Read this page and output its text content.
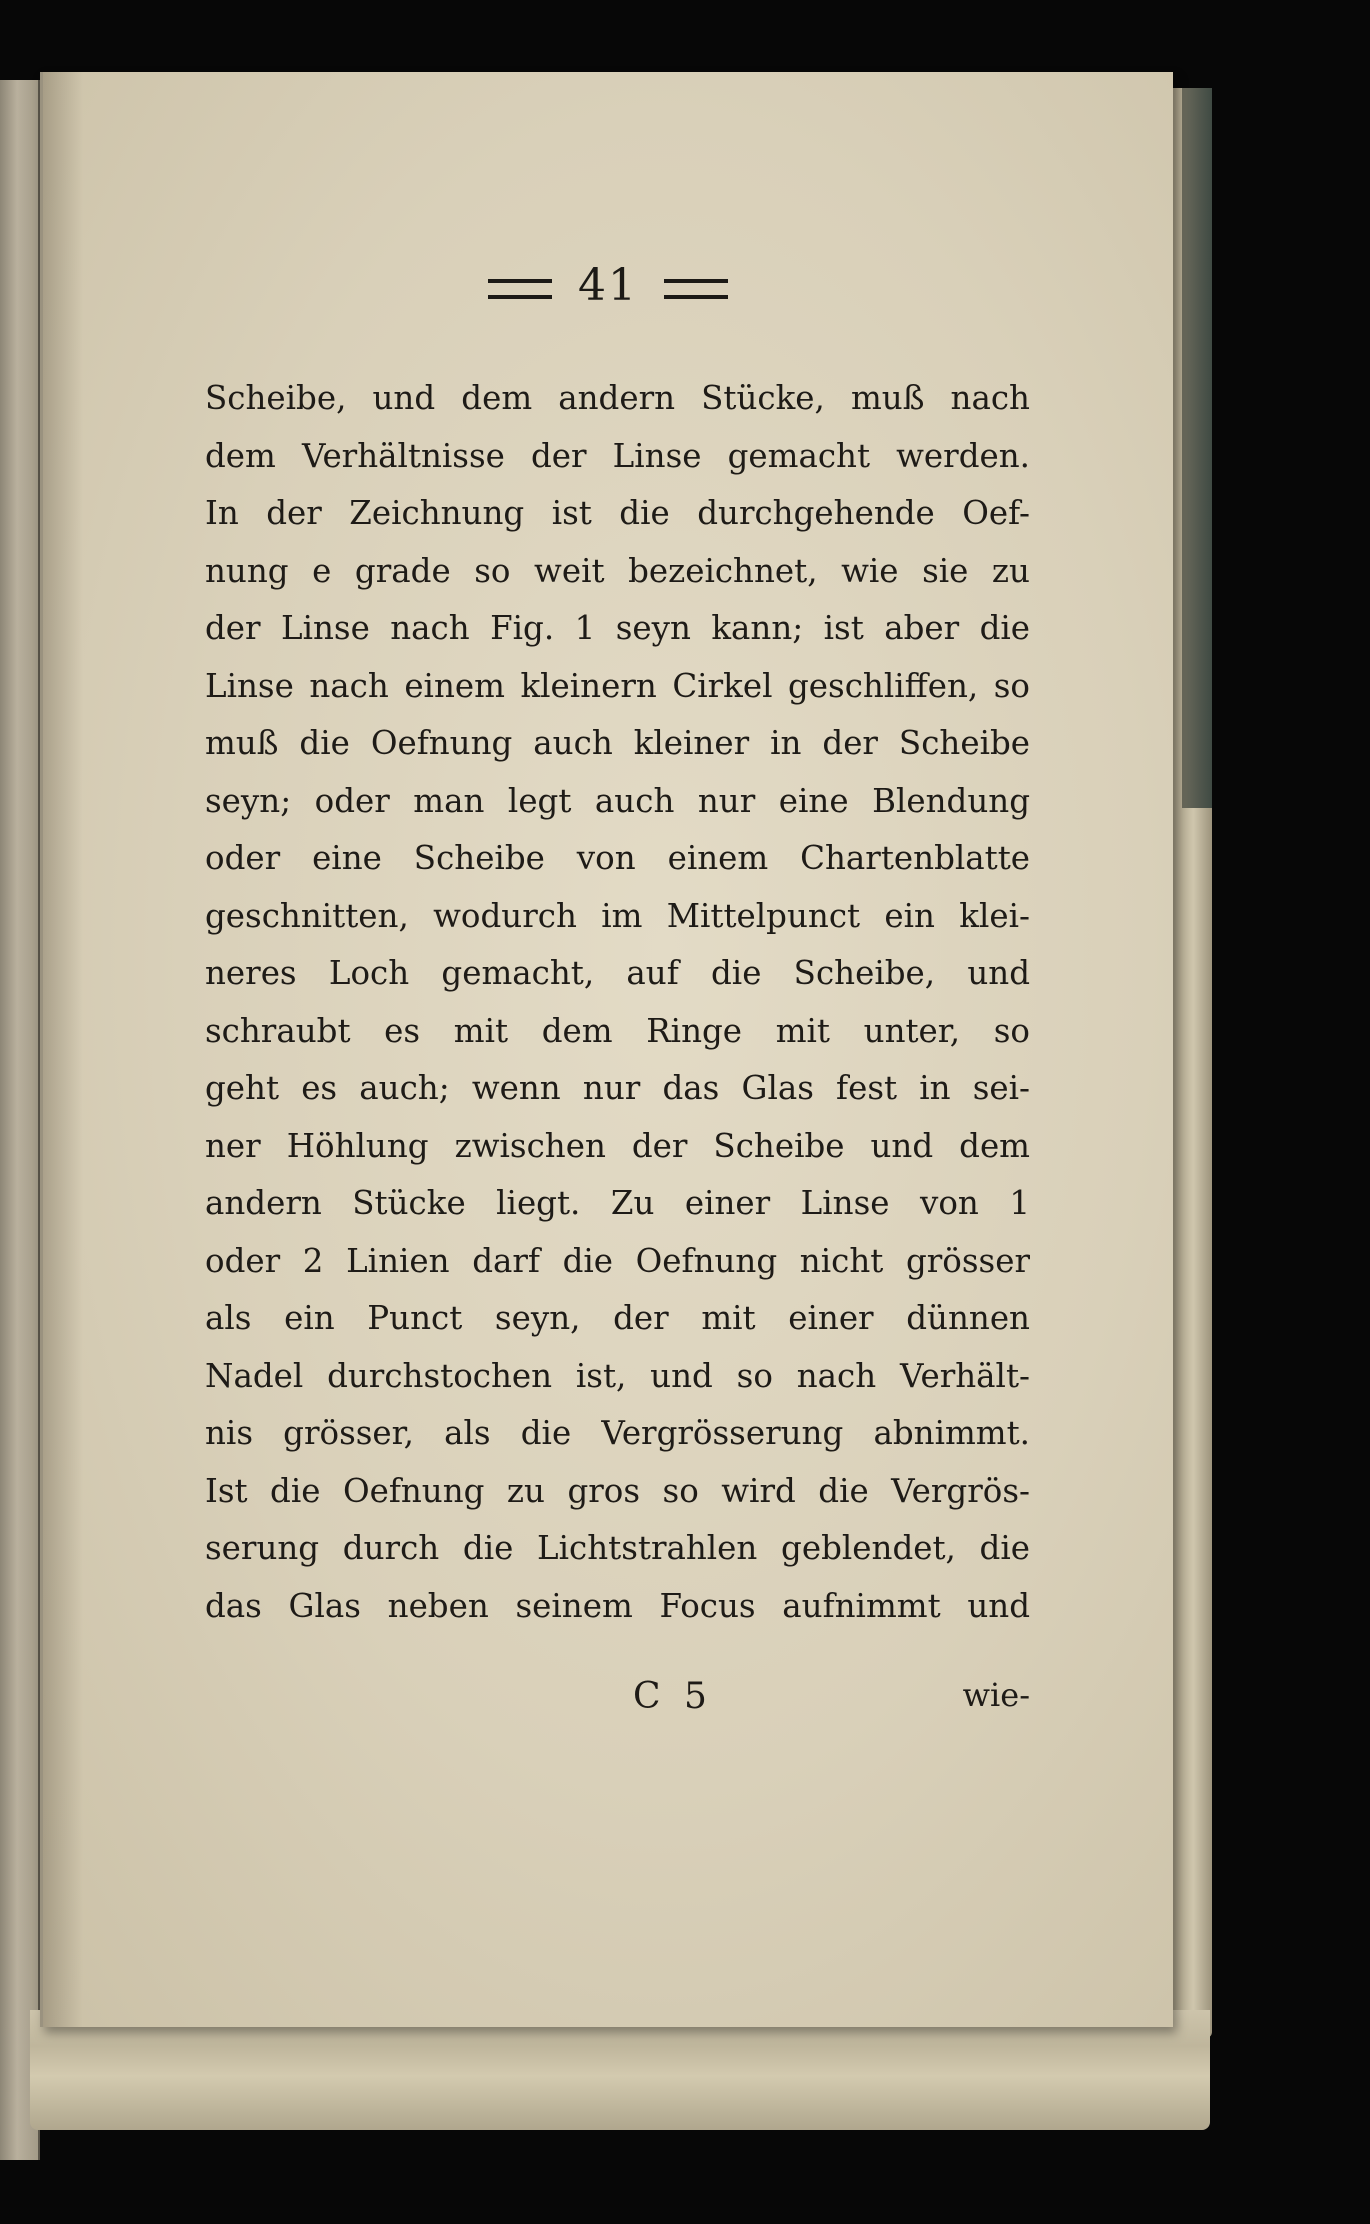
41
Scheibe, und dem andern Stücke, muß nach
dem Verhältnisse der Linse gemacht werden.
In der Zeichnung ist die durchgehende Oef-
nung e grade so weit bezeichnet, wie sie zu
der Linse nach Fig. 1 seyn kann; ist aber die
Linse nach einem kleinern Cirkel geschliffen, so
muß die Oefnung auch kleiner in der Scheibe
seyn; oder man legt auch nur eine Blendung
oder eine Scheibe von einem Chartenblatte
geschnitten, wodurch im Mittelpunct ein klei-
neres Loch gemacht, auf die Scheibe, und
schraubt es mit dem Ringe mit unter, so
geht es auch; wenn nur das Glas fest in sei-
ner Höhlung zwischen der Scheibe und dem
andern Stücke liegt. Zu einer Linse von 1
oder 2 Linien darf die Oefnung nicht grösser
als ein Punct seyn, der mit einer dünnen
Nadel durchstochen ist, und so nach Verhält-
nis grösser, als die Vergrösserung abnimmt.
Ist die Oefnung zu gros so wird die Vergrös-
serung durch die Lichtstrahlen geblendet, die
das Glas neben seinem Focus aufnimmt und
C 5	wie-
